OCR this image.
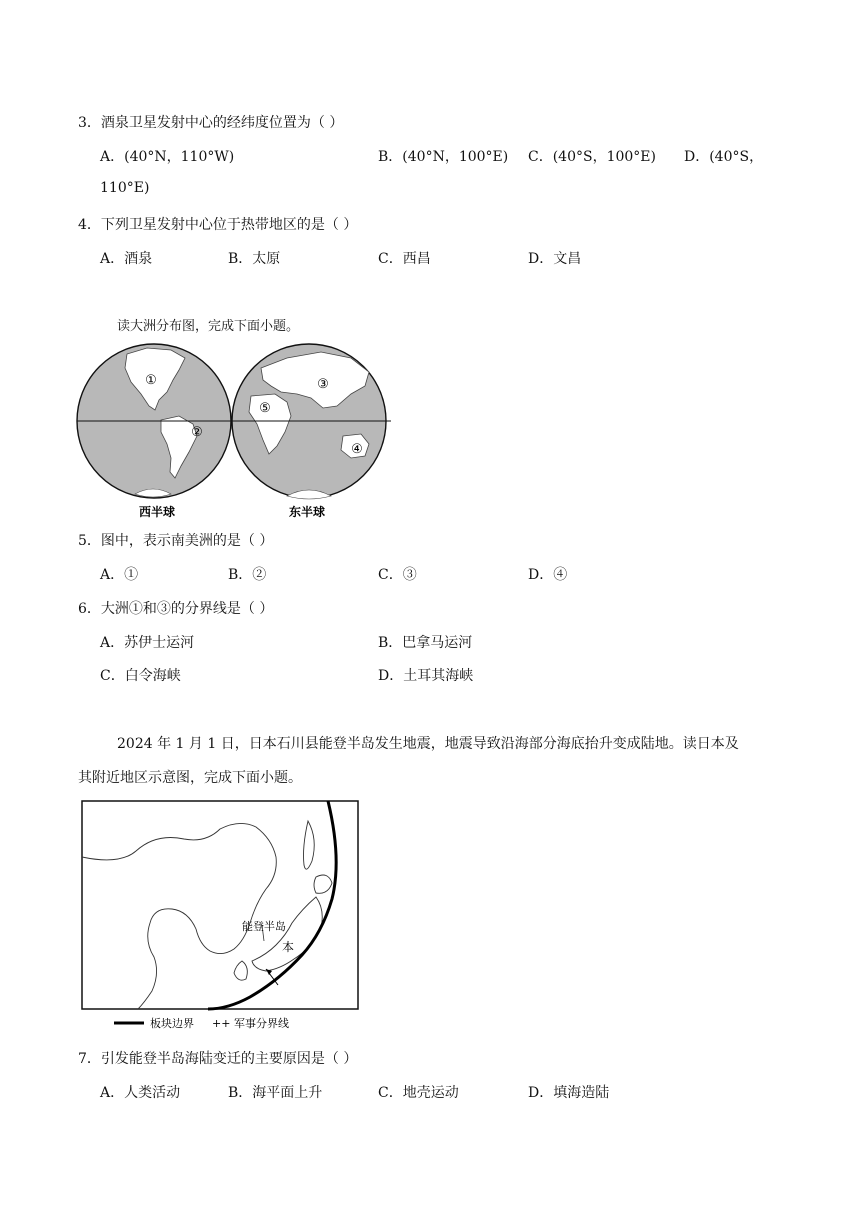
3．酒泉卫星发射中心的经纬度位置为（ ）
A．(40°N，110°W)	B．(40°N，100°E) C．(40°S，100°E) D．(40°S，
110°E)
4．下列卫星发射中心位于热带地区的是（ ）
A．酒泉	B．太原	C．西昌	D．文昌
读大洲分布图，完成下面小题。
①
②
③
④
⑤
西半球	东半球
5．图中，表示南美洲的是（ ）
A．①	B．②	C．③	D．④
6．大洲①和③的分界线是（ ）
A．苏伊士运河	B．巴拿马运河
C．白令海峡	D．土耳其海峡
2024 年 1 月 1 日，日本石川县能登半岛发生地震，地震导致沿海部分海底抬升变成陆地。读日本及
其附近地区示意图，完成下面小题。
能登半岛
本
板块边界 ++ 军事分界线
7．引发能登半岛海陆变迁的主要原因是（ ）
A．人类活动	B．海平面上升	C．地壳运动	D．填海造陆
